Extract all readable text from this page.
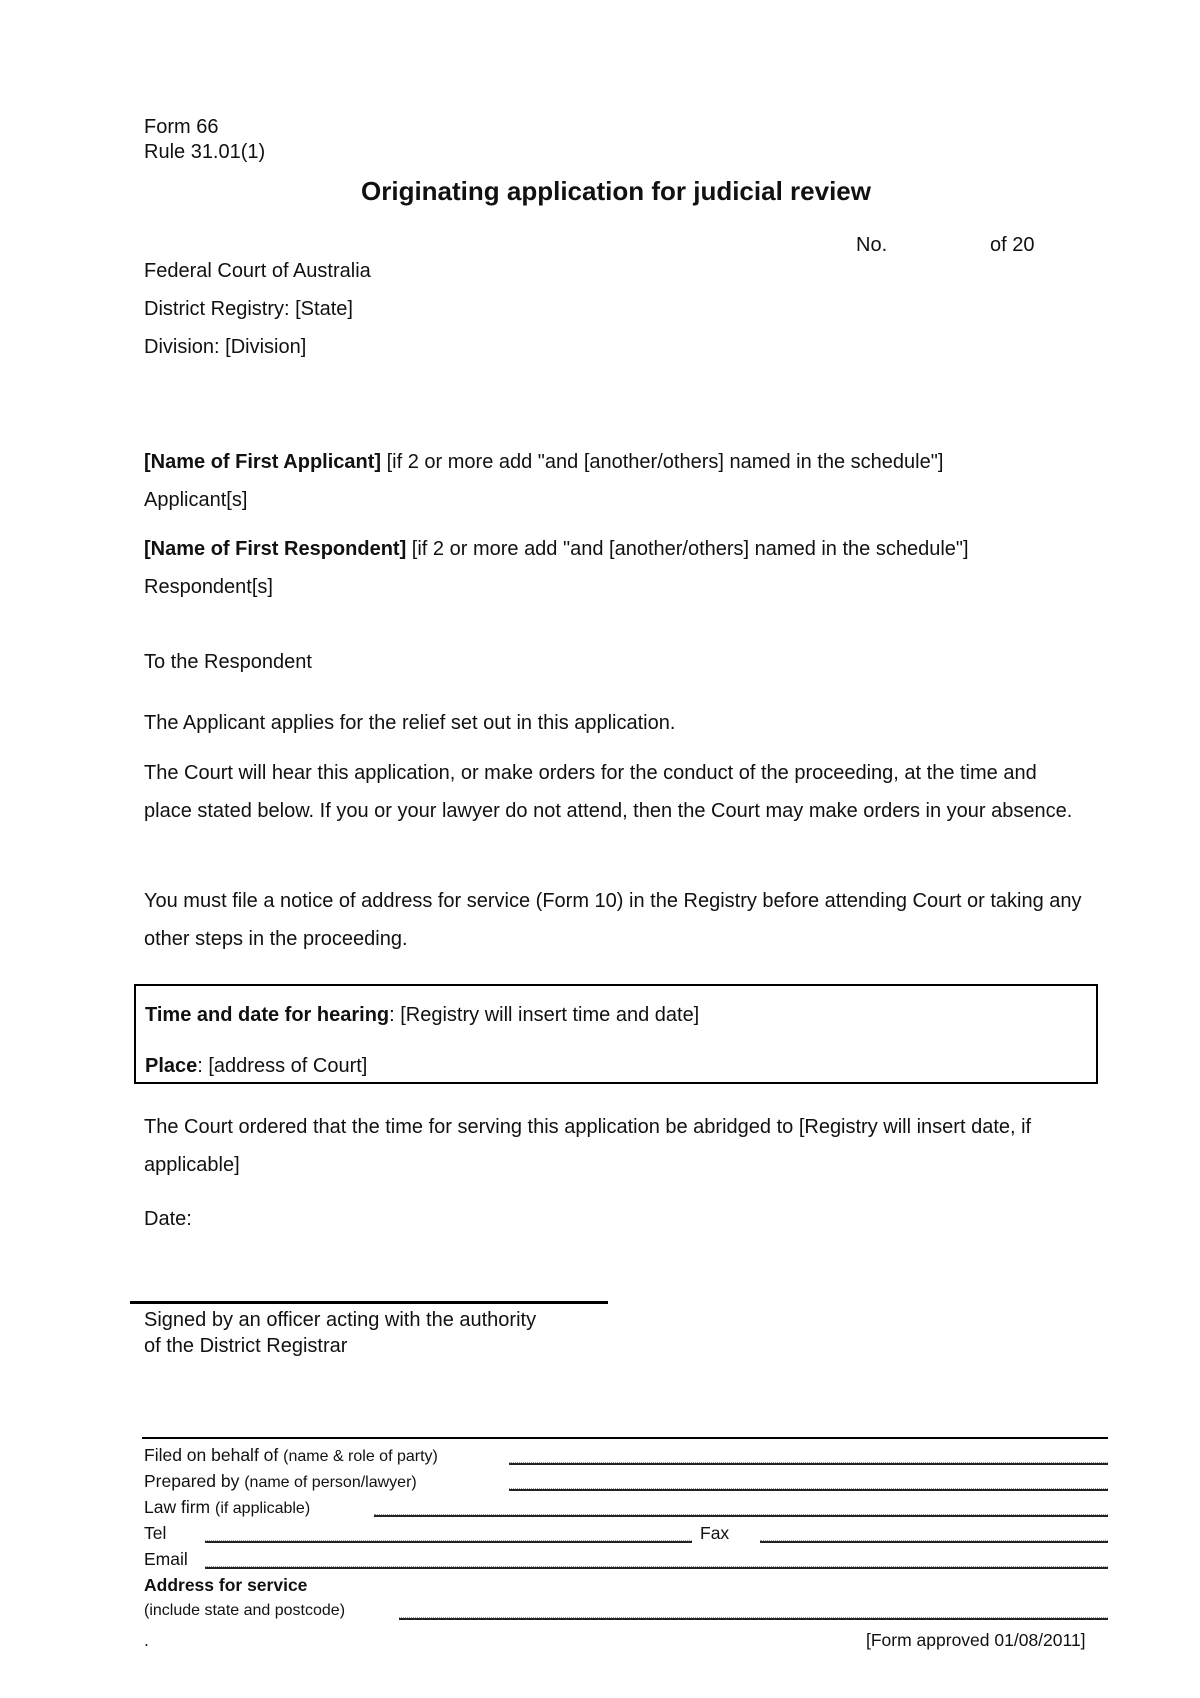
Form 66
Rule 31.01(1)
Originating application for judicial review
No.	of 20
Federal Court of Australia
District Registry: [State]
Division: [Division]
[Name of First Applicant] [if 2 or more add "and [another/others] named in the schedule"]
Applicant[s]
[Name of First Respondent] [if 2 or more add "and [another/others] named in the schedule"]
Respondent[s]
To the Respondent
The Applicant applies for the relief set out in this application.
The Court will hear this application, or make orders for the conduct of the proceeding, at the time and place stated below. If you or your lawyer do not attend, then the Court may make orders in your absence.
You must file a notice of address for service (Form 10) in the Registry before attending Court or taking any other steps in the proceeding.
Time and date for hearing: [Registry will insert time and date]
Place: [address of Court]
The Court ordered that the time for serving this application be abridged to [Registry will insert date, if applicable]
Date:
Signed by an officer acting with the authority
of the District Registrar
Filed on behalf of (name & role of party)
Prepared by (name of person/lawyer)
Law firm (if applicable)
Tel	Fax
Email
Address for service
(include state and postcode)
.	[Form approved 01/08/2011]
